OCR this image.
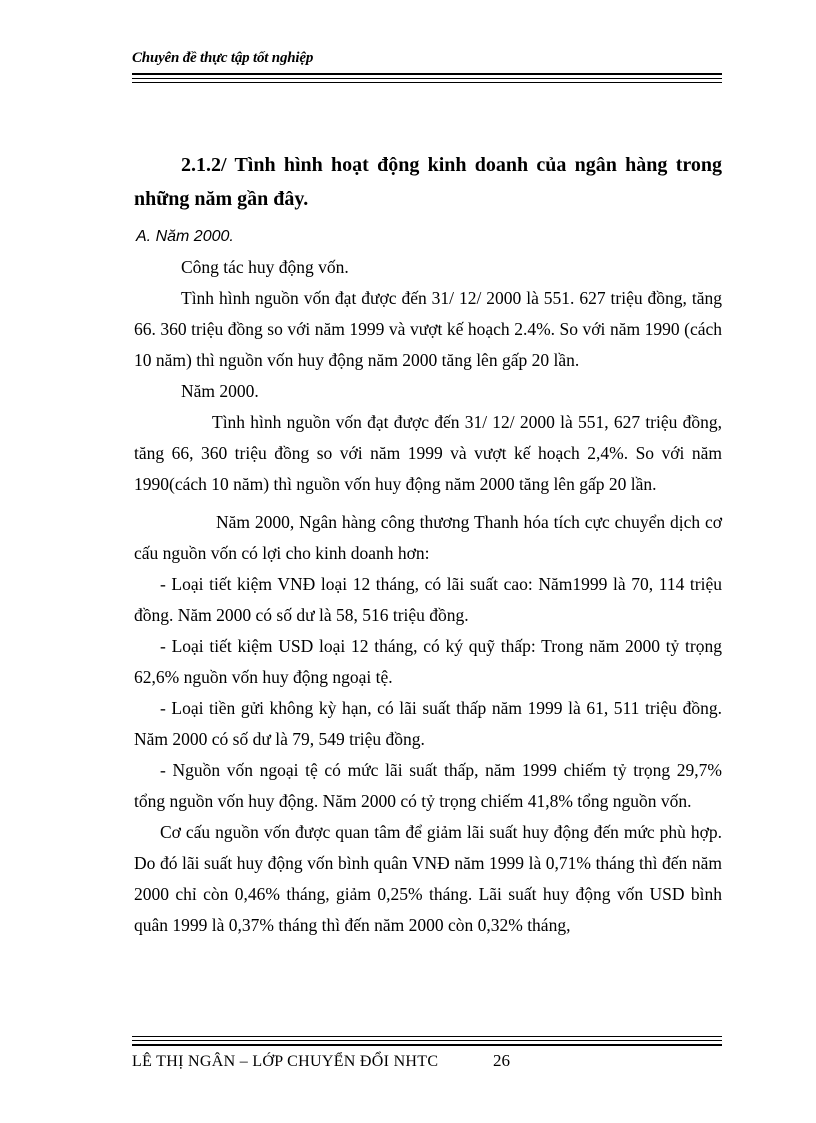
Chuyên đề thực tập tốt nghiệp
2.1.2/ Tình hình hoạt động kinh doanh của ngân hàng trong những năm gần đây.
A. Năm 2000.

Công tác huy động vốn.

Tình hình nguồn vốn đạt được đến 31/ 12/ 2000 là 551. 627 triệu đồng, tăng 66. 360 triệu đồng so với năm 1999 và vượt kế hoạch 2.4%. So với năm 1990 (cách 10 năm) thì nguồn vốn huy động năm 2000 tăng lên gấp 20 lần.

Năm 2000.

Tình hình nguồn vốn đạt được đến 31/ 12/ 2000 là 551, 627 triệu đồng, tăng 66, 360 triệu đồng so với năm 1999 và vượt kế hoạch 2,4%. So với năm 1990(cách 10 năm) thì nguồn vốn huy động năm 2000 tăng lên gấp 20 lần.

Năm 2000, Ngân hàng công thương Thanh hóa tích cực chuyển dịch cơ cấu nguồn vốn có lợi cho kinh doanh hơn:

- Loại tiết kiệm VNĐ loại 12 tháng, có lãi suất cao: Năm1999 là 70, 114 triệu đồng. Năm 2000 có số dư là 58, 516 triệu đồng.

- Loại tiết kiệm USD loại 12 tháng, có ký quỹ thấp: Trong năm 2000 tỷ trọng 62,6% nguồn vốn huy động ngoại tệ.

- Loại tiền gửi không kỳ hạn, có lãi suất thấp năm 1999 là 61, 511 triệu đồng. Năm 2000 có số dư là 79, 549 triệu đồng.

- Nguồn vốn ngoại tệ có mức lãi suất thấp, năm 1999 chiếm tỷ trọng 29,7% tổng nguồn vốn huy động. Năm 2000 có tỷ trọng chiếm 41,8% tổng nguồn vốn.

Cơ cấu nguồn vốn được quan tâm để giảm lãi suất huy động đến mức phù hợp. Do đó lãi suất huy động vốn bình quân VNĐ năm 1999 là 0,71% tháng thì đến năm 2000 chỉ còn 0,46% tháng, giảm 0,25% tháng. Lãi suất huy động vốn USD bình quân 1999 là 0,37% tháng thì đến năm 2000 còn 0,32% tháng,

LÊ THỊ NGÂN – LỚP CHUYỂN ĐỔI NHTC	26
